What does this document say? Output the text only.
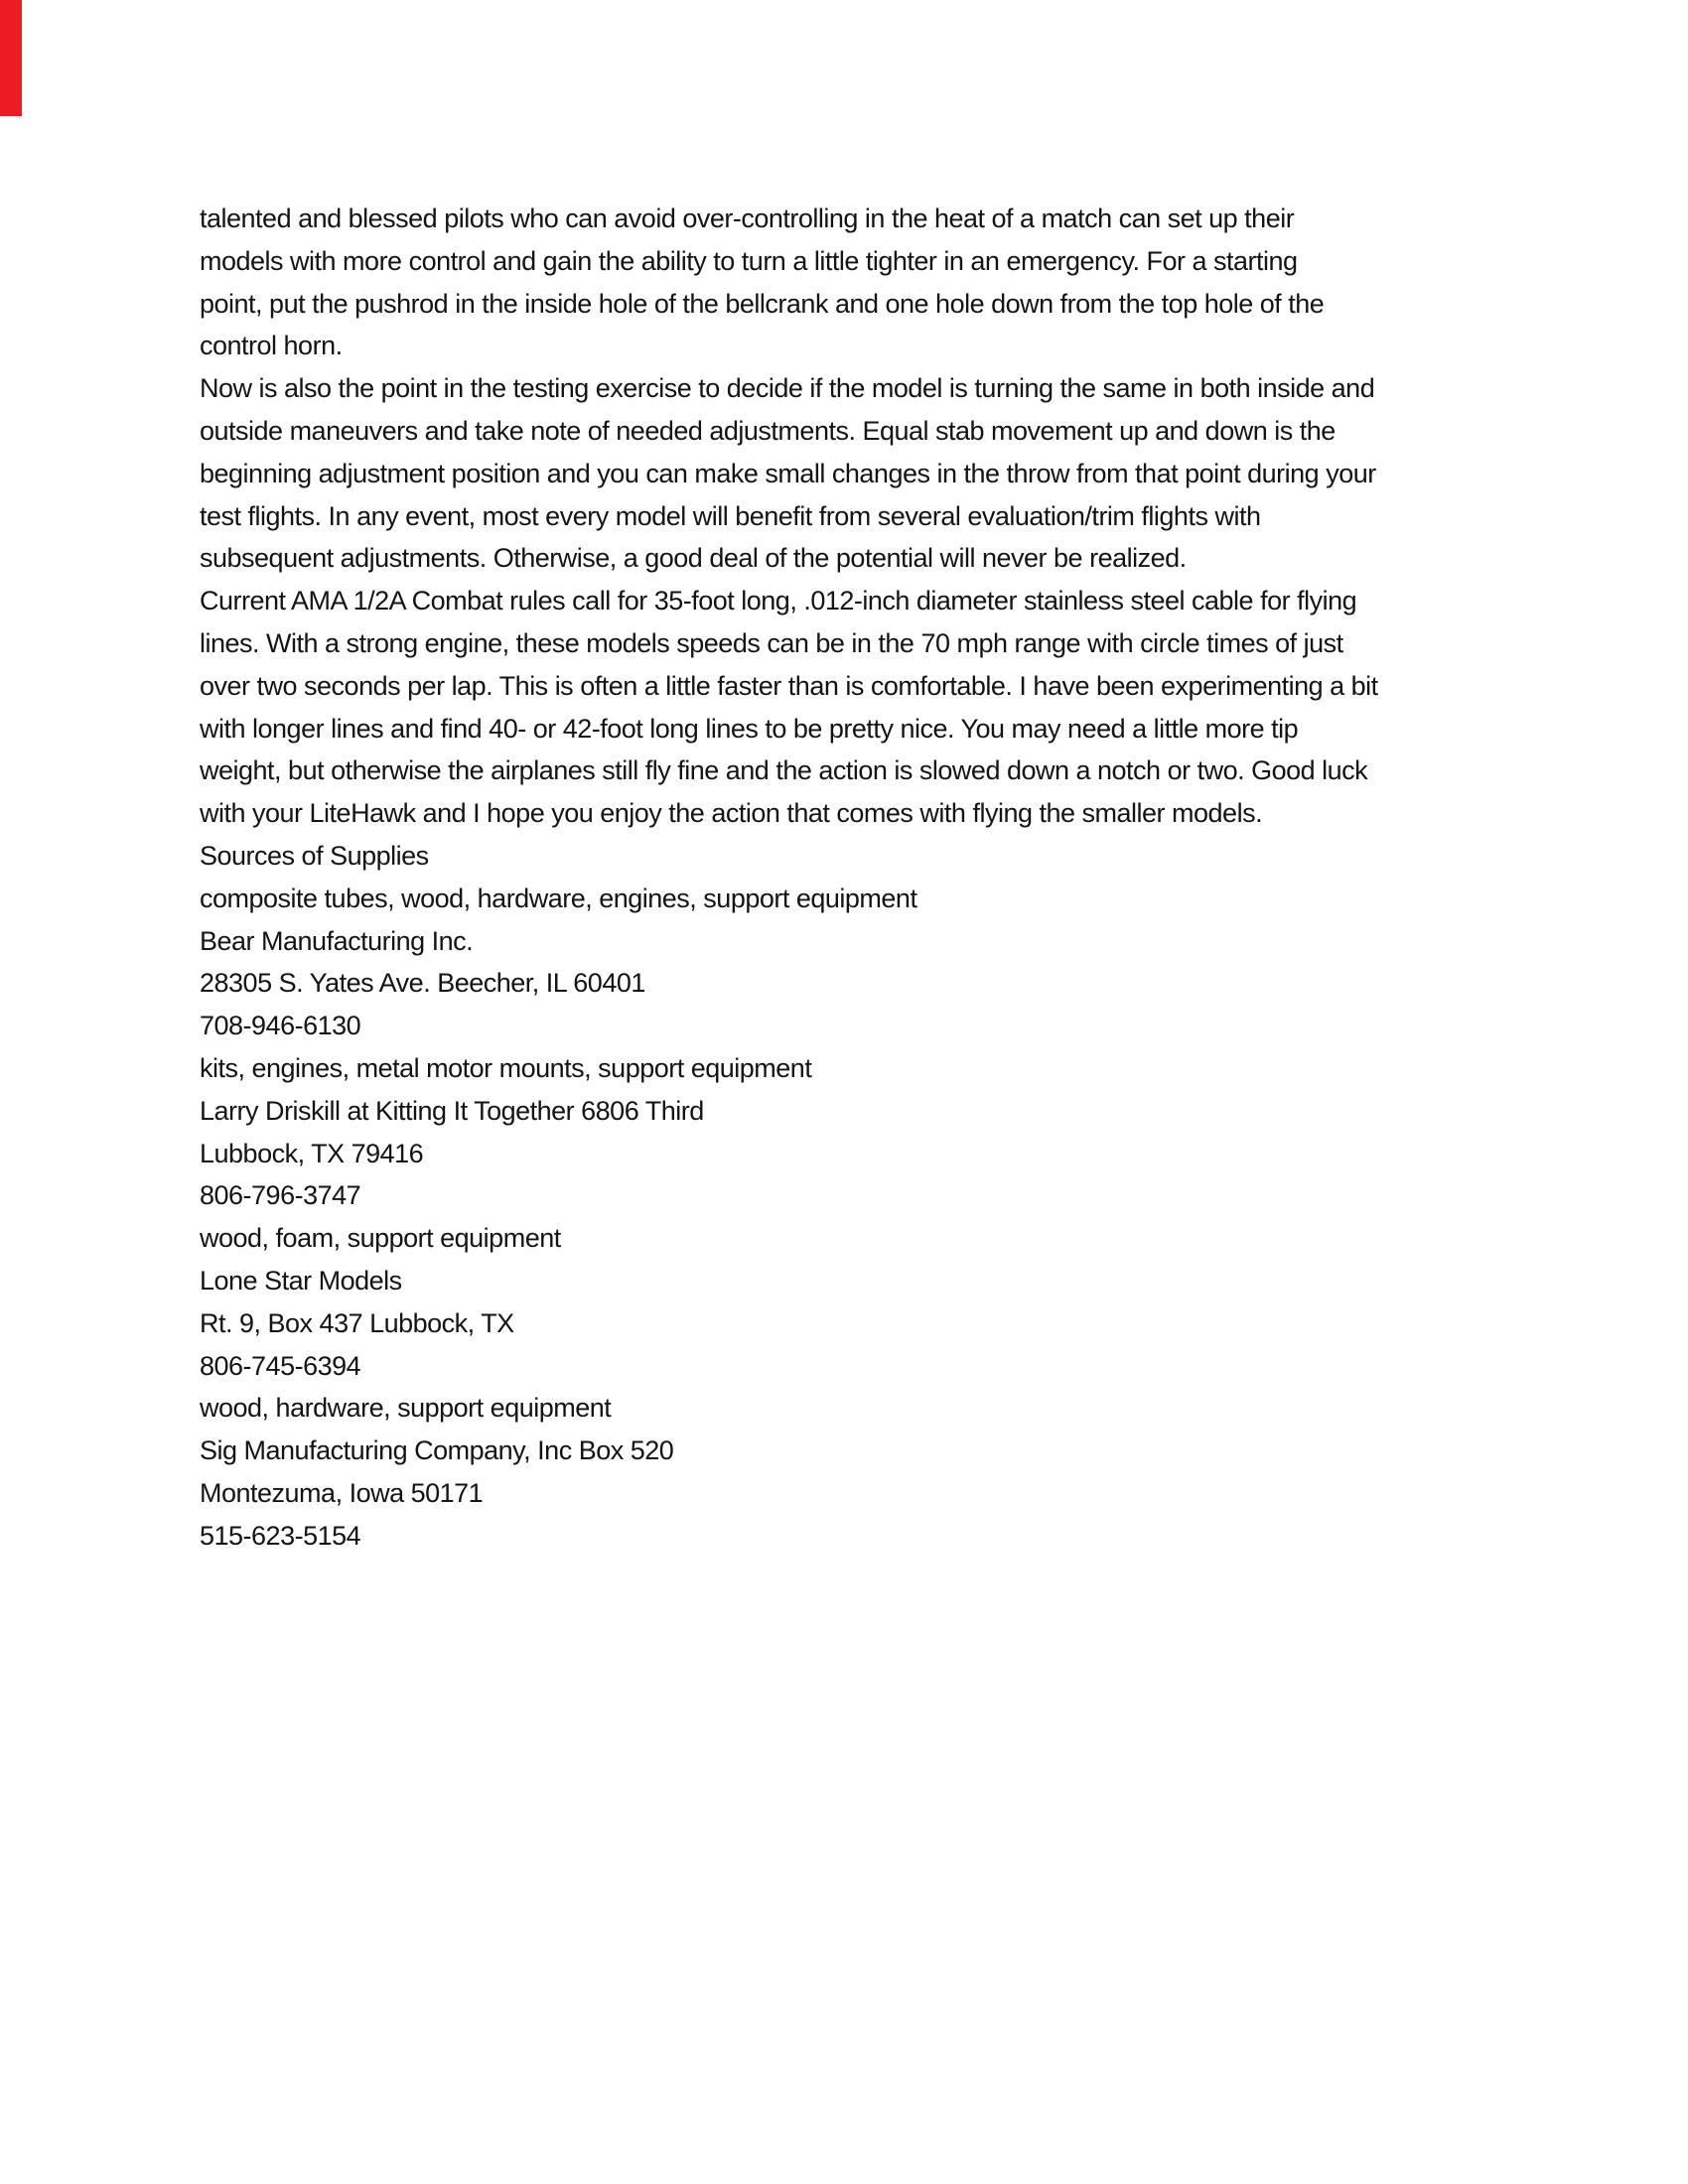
talented and blessed pilots who can avoid over-controlling in the heat of a match can set up their
models with more control and gain the ability to turn a little tighter in an emergency. For a starting
point, put the pushrod in the inside hole of the bellcrank and one hole down from the top hole of the
control horn.
Now is also the point in the testing exercise to decide if the model is turning the same in both inside and
outside maneuvers and take note of needed adjustments. Equal stab movement up and down is the
beginning adjustment position and you can make small changes in the throw from that point during your
test flights. In any event, most every model will benefit from several evaluation/trim flights with
subsequent adjustments. Otherwise, a good deal of the potential will never be realized.
Current AMA 1/2A Combat rules call for 35-foot long, .012-inch diameter stainless steel cable for flying
lines. With a strong engine, these models speeds can be in the 70 mph range with circle times of just
over two seconds per lap. This is often a little faster than is comfortable. I have been experimenting a bit
with longer lines and find 40- or 42-foot long lines to be pretty nice. You may need a little more tip
weight, but otherwise the airplanes still fly fine and the action is slowed down a notch or two. Good luck
with your LiteHawk and I hope you enjoy the action that comes with flying the smaller models.
Sources of Supplies
composite tubes, wood, hardware, engines, support equipment
Bear Manufacturing Inc.
28305 S. Yates Ave. Beecher, IL 60401
708-946-6130
kits, engines, metal motor mounts, support equipment
Larry Driskill at Kitting It Together 6806 Third
Lubbock, TX 79416
806-796-3747
wood, foam, support equipment
Lone Star Models
Rt. 9, Box 437 Lubbock, TX
806-745-6394
wood, hardware, support equipment
Sig Manufacturing Company, Inc Box 520
Montezuma, Iowa 50171
515-623-5154
